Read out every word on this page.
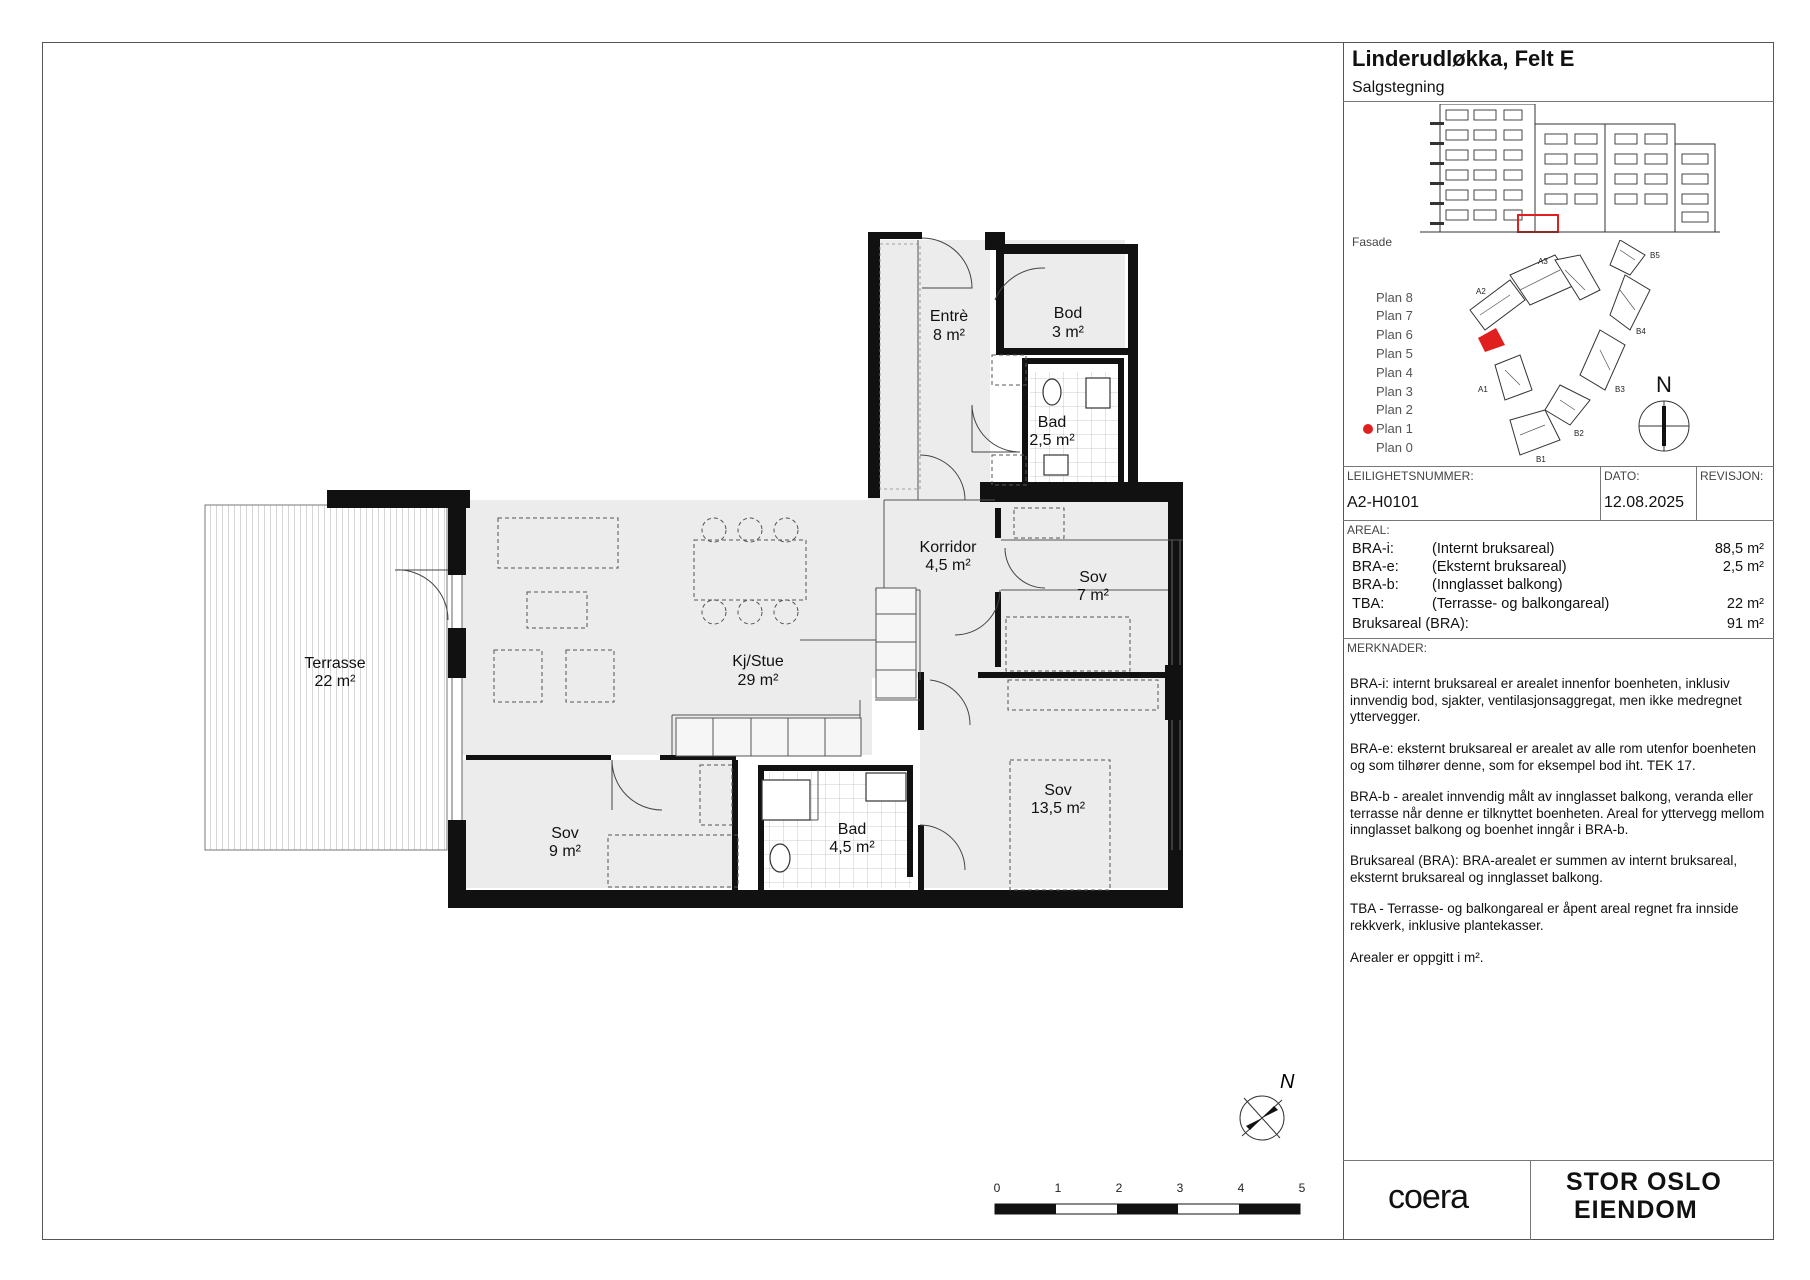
Entrè
8 m²
Bod
3 m²
Bad
2,5 m²
Korridor
4,5 m²
Sov
7 m²
Terrasse
22 m²
Kj/Stue
29 m²
Sov
13,5 m²
Sov
9 m²
Bad
4,5 m²
N
0	1	2	3	4	5
Linderudløkka, Felt E
Salgstegning
Fasade
Plan 8
Plan 7
Plan 6
Plan 5
Plan 4
Plan 3
Plan 2
Plan 1
Plan 0
A3
A2
A1
B5
B4
B3
B2
B1
N
LEILIGHETSNUMMER:
A2-H0101
DATO:
12.08.2025
REVISJON:
AREAL:
BRA-i:	(Internt bruksareal)	88,5 m²
BRA-e: (Eksternt bruksareal)	2,5 m²
BRA-b: (Innglasset balkong)
TBA:	(Terrasse- og balkongareal)	22 m²
Bruksareal (BRA):	91 m²
MERKNADER:
BRA-i: internt bruksareal er arealet innenfor boenheten, inklusiv innvendig bod, sjakter, ventilasjonsaggregat, men ikke medregnet yttervegger.
BRA-e: eksternt bruksareal er arealet av alle rom utenfor boenheten og som tilhører denne, som for eksempel bod iht. TEK 17.
BRA-b - arealet innvendig målt av innglasset balkong, veranda eller terrasse når denne er tilknyttet boenheten. Areal for yttervegg mellom innglasset balkong og boenhet inngår i BRA-b.
Bruksareal (BRA): BRA-arealet er summen av internt bruksareal, eksternt bruksareal og innglasset balkong.
TBA - Terrasse- og balkongareal er åpent areal regnet fra innside rekkverk, inklusive plantekasser.
Arealer er oppgitt i m².
coera	STOR OSLO
EIENDOM
